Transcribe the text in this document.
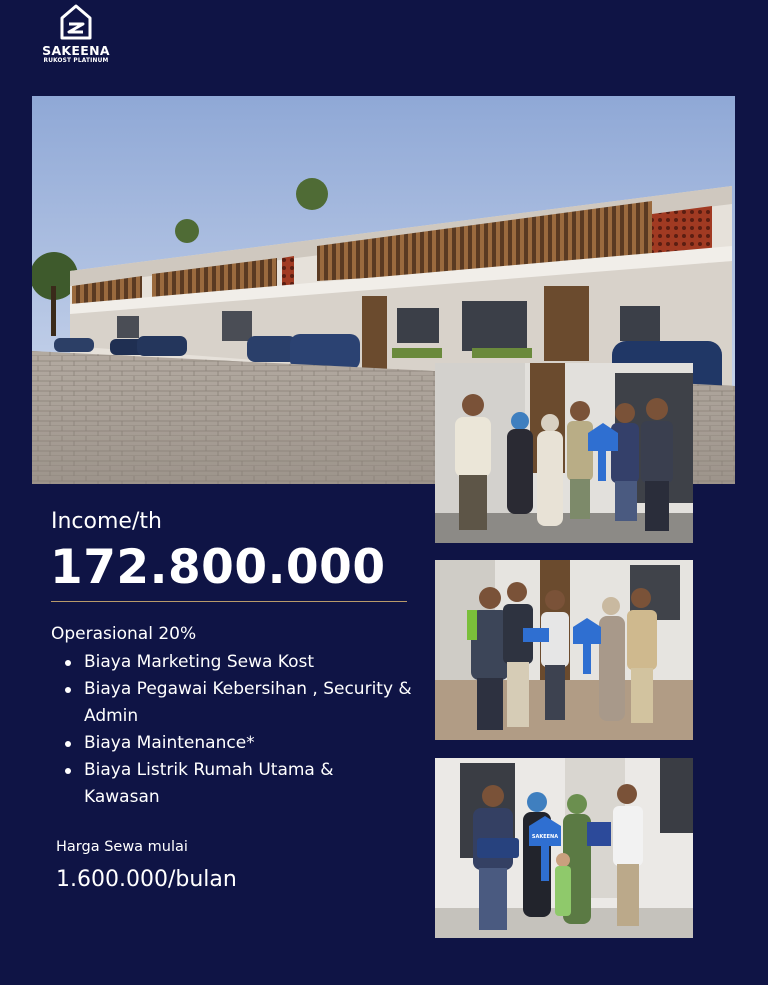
SAKEENA
RUKOST PLATINUM
SAKEENA
Income/th
172.800.000
Operasional 20%
Biaya Marketing Sewa Kost
Biaya Pegawai Kebersihan , Security & Admin
Biaya Maintenance*
Biaya Listrik Rumah Utama & Kawasan
Harga Sewa mulai
1.600.000/bulan
